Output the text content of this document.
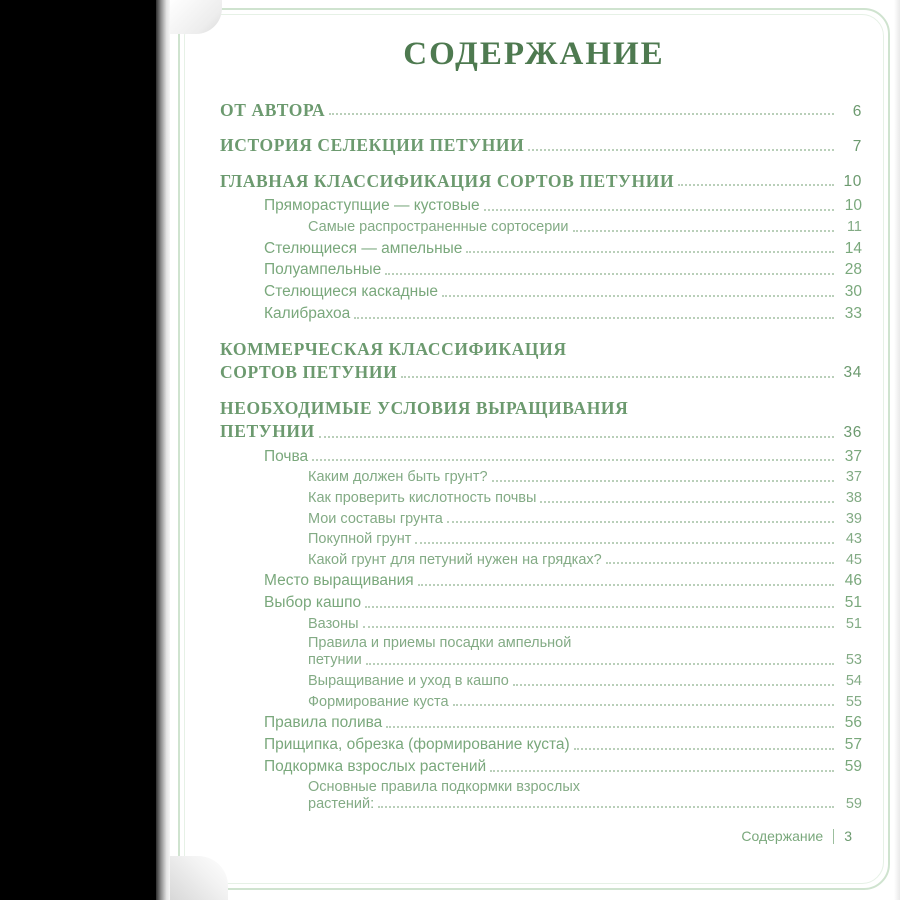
СОДЕРЖАНИЕ
ОТ АВТОРА	6
ИСТОРИЯ СЕЛЕКЦИИ ПЕТУНИИ	7
ГЛАВНАЯ КЛАССИФИКАЦИЯ СОРТОВ ПЕТУНИИ	10
Прямораступщие — кустовые	10
Самые распространенные сортосерии	11
Стелющиеся — ампельные	14
Полуампельные	28
Стелющиеся каскадные	30
Калибрахоа	33
КОММЕРЧЕСКАЯ КЛАССИФИКАЦИЯ
СОРТОВ ПЕТУНИИ	34
НЕОБХОДИМЫЕ УСЛОВИЯ ВЫРАЩИВАНИЯ
ПЕТУНИИ	36
Почва	37
Каким должен быть грунт?	37
Как проверить кислотность почвы	38
Мои составы грунта	39
Покупной грунт	43
Какой грунт для петуний нужен на грядках?	45
Место выращивания	46
Выбор кашпо	51
Вазоны	51
Правила и приемы посадки ампельной
петунии	53
Выращивание и уход в кашпо	54
Формирование куста	55
Правила полива	56
Прищипка, обрезка (формирование куста)	57
Подкормка взрослых растений	59
Основные правила подкормки взрослых
растений:	59
Содержание 3
